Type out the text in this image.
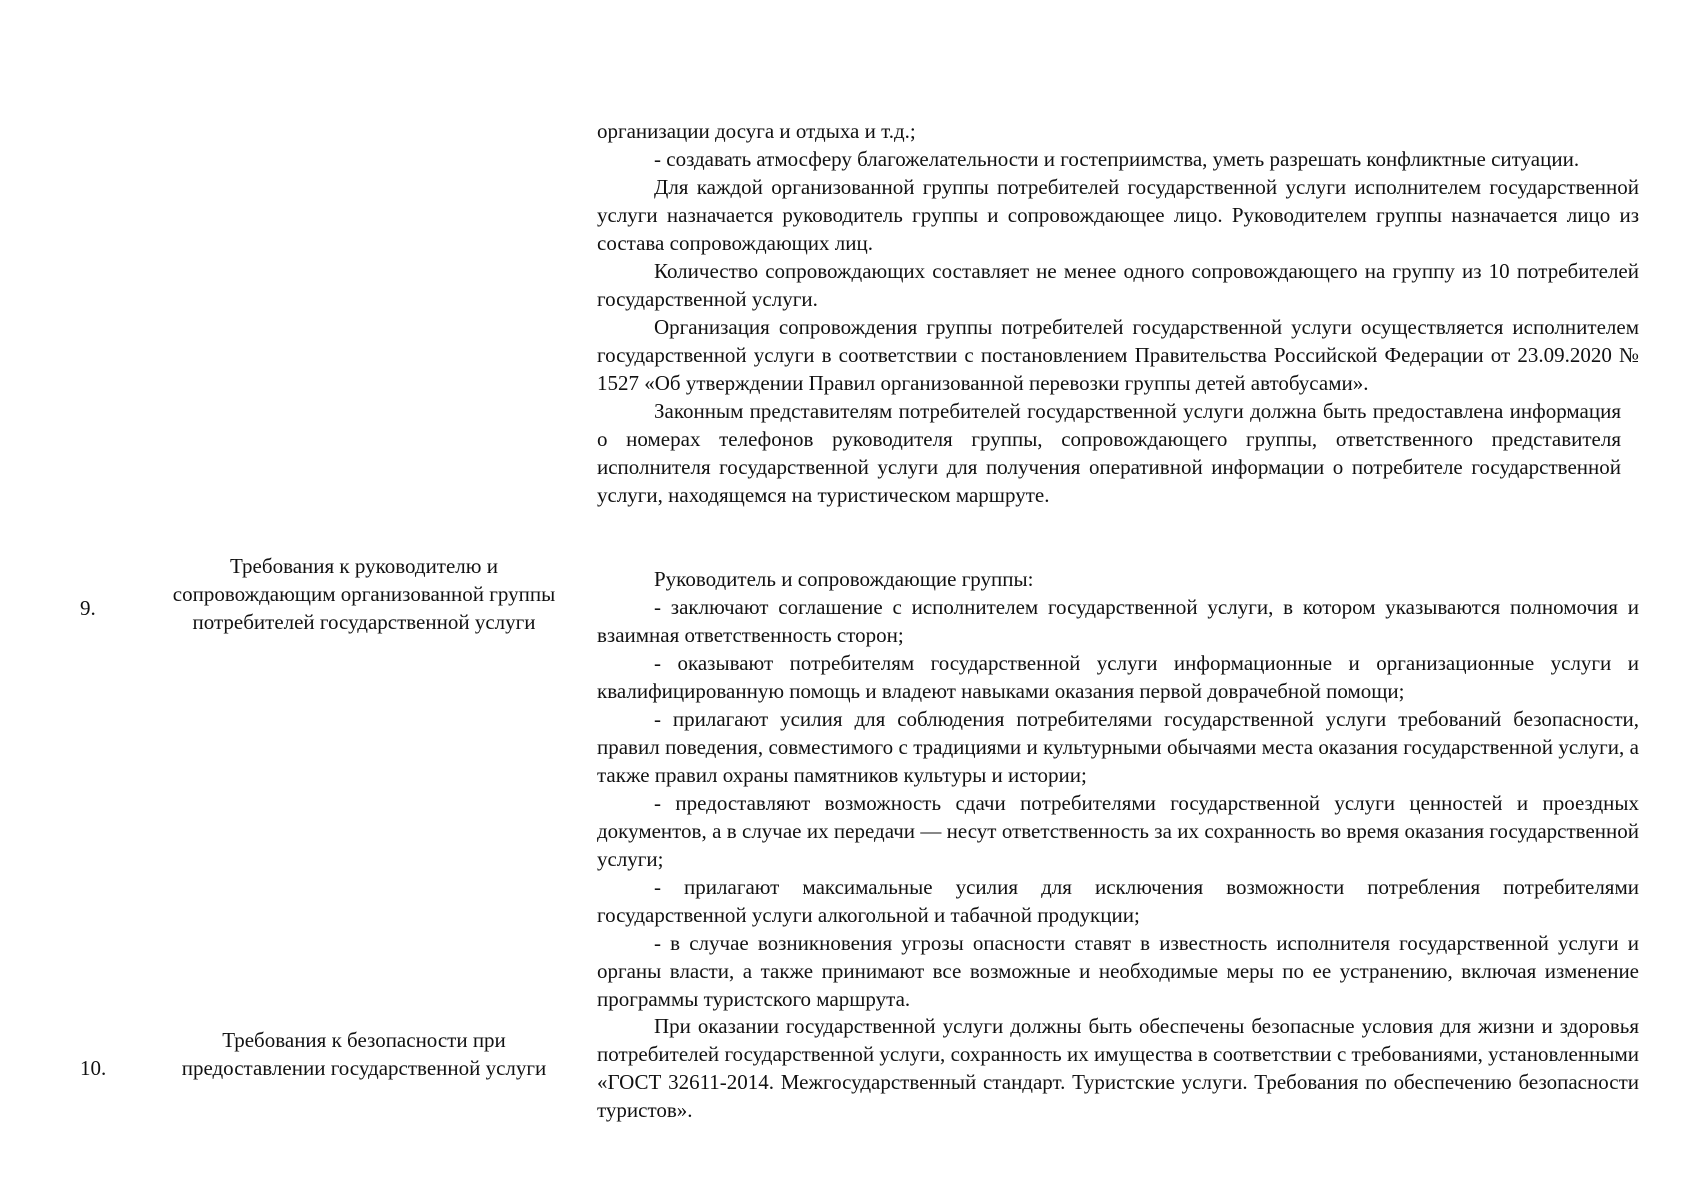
организации досуга и отдыха и т.д.;

- создавать атмосферу благожелательности и гостеприимства, уметь разрешать конфликтные ситуации.

Для каждой организованной группы потребителей государственной услуги исполнителем государственной услуги назначается руководитель группы и сопровождающее лицо. Руководителем группы назначается лицо из состава сопровождающих лиц.

Количество сопровождающих составляет не менее одного сопровождающего на группу из 10 потребителей государственной услуги.

Организация сопровождения группы потребителей государственной услуги осуществляется исполнителем государственной услуги в соответствии с постановлением Правительства Российской Федерации от 23.09.2020 № 1527 «Об утверждении Правил организованной перевозки группы детей автобусами».

Законным представителям потребителей государственной услуги должна быть предоставлена информация о номерах телефонов руководителя группы, сопровождающего группы, ответственного представителя исполнителя государственной услуги для получения оперативной информации о потребителе государственной услуги, находящемся на туристическом маршруте.

9.
Требования к руководителю и сопровождающим организованной группы потребителей государственной услуги

Руководитель и сопровождающие группы:

- заключают соглашение с исполнителем государственной услуги, в котором указываются полномочия и взаимная ответственность сторон;

- оказывают потребителям государственной услуги информационные и организационные услуги и квалифицированную помощь и владеют навыками оказания первой доврачебной помощи;

- прилагают усилия для соблюдения потребителями государственной услуги требований безопасности, правил поведения, совместимого с традициями и культурными обычаями места оказания государственной услуги, а также правил охраны памятников культуры и истории;

- предоставляют возможность сдачи потребителями государственной услуги ценностей и проездных документов, а в случае их передачи — несут ответственность за их сохранность во время оказания государственной услуги;

- прилагают максимальные усилия для исключения возможности потребления потребителями государственной услуги алкогольной и табачной продукции;

- в случае возникновения угрозы опасности ставят в известность исполнителя государственной услуги и органы власти, а также принимают все возможные и необходимые меры по ее устранению, включая изменение программы туристского маршрута.

10.
Требования к безопасности при предоставлении государственной услуги

При оказании государственной услуги должны быть обеспечены безопасные условия для жизни и здоровья потребителей государственной услуги, сохранность их имущества в соответствии с требованиями, установленными «ГОСТ 32611-2014. Межгосударственный стандарт. Туристские услуги. Требования по обеспечению безопасности туристов».
